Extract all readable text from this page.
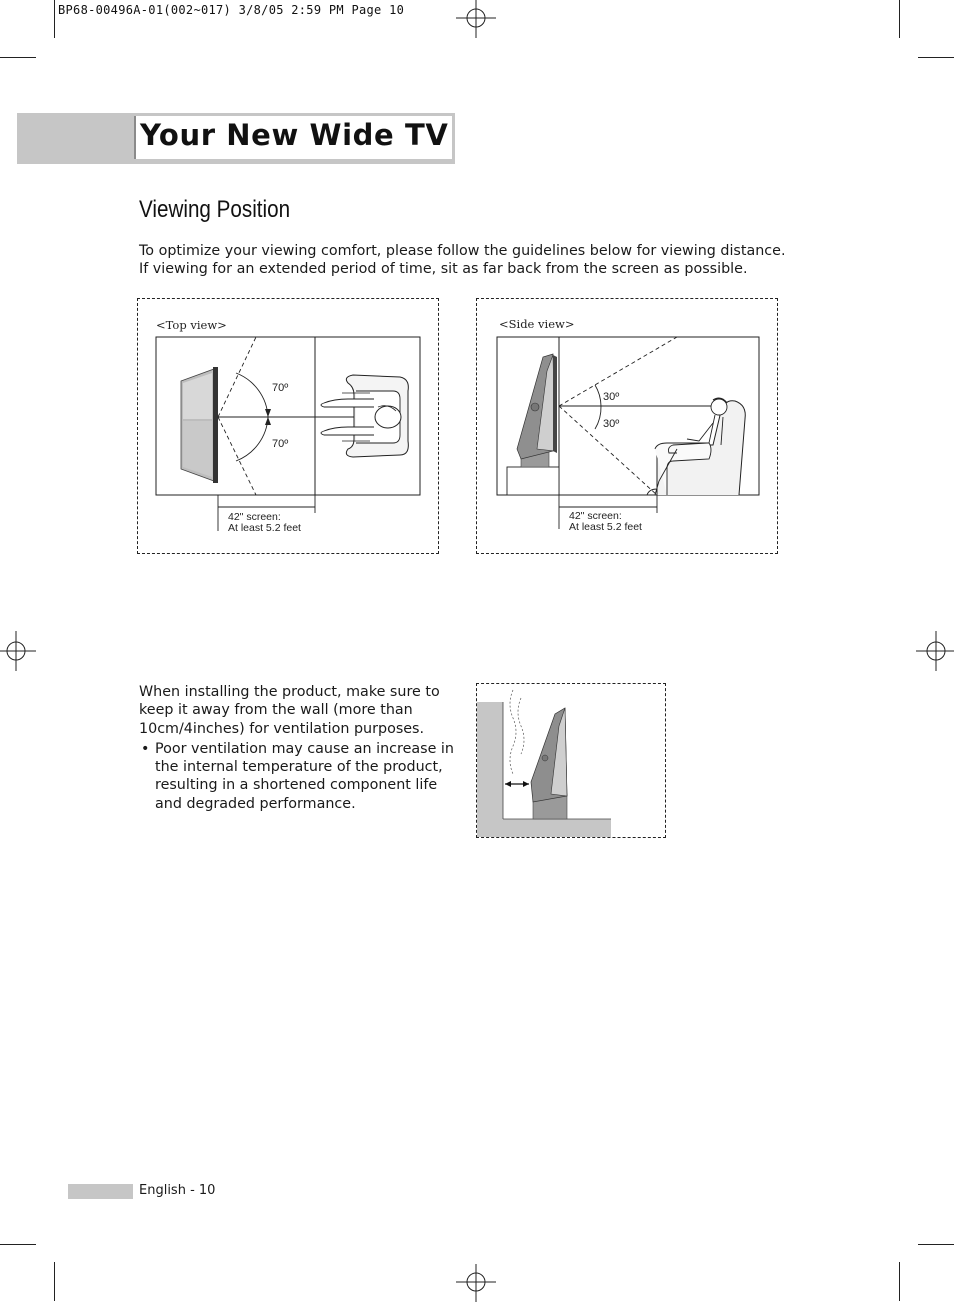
BP68-00496A-01(002~017) 3/8/05 2:59 PM Page 10
Your New Wide TV
Viewing Position

To optimize your viewing comfort, please follow the guidelines below for viewing distance.

If viewing for an extended period of time, sit as far back from the screen as possible.

<Top view>
70º
70º
42" screen:
At least 5.2 feet
<Side view>
30º
30º
42" screen:
At least 5.2 feet

When installing the product, make sure to keep it away from the wall (more than 10cm/4inches) for ventilation purposes.

• Poor ventilation may cause an increase in the internal temperature of the product, resulting in a shortened component life and degraded performance.

English - 10
